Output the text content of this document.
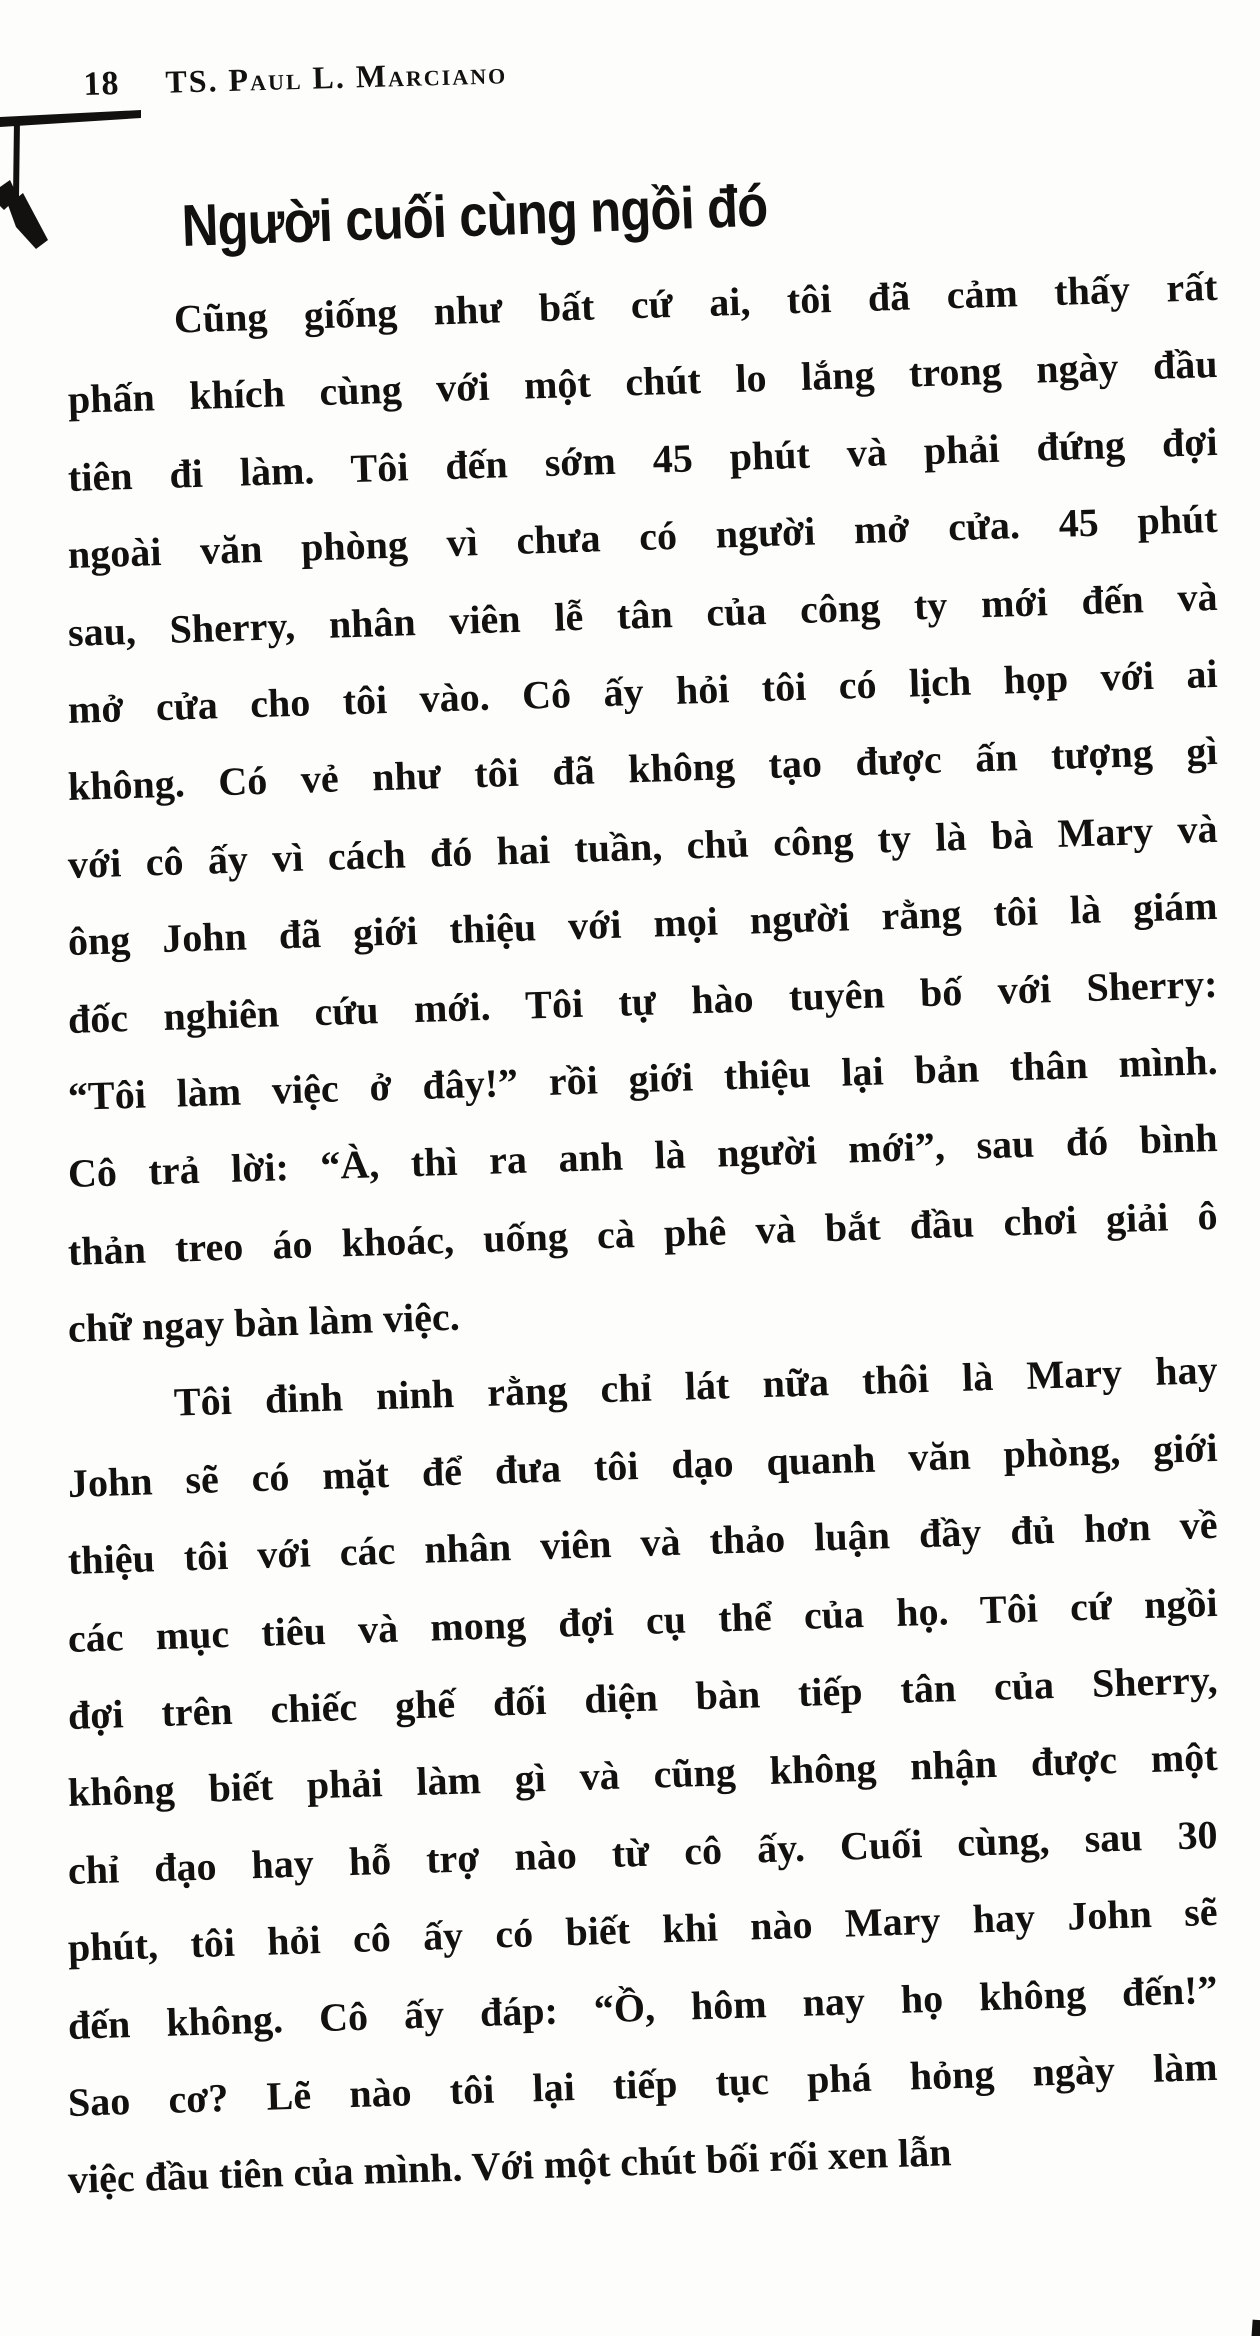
18 TS. Paul L. Marciano
Người cuối cùng ngồi đó
Cũng giống như bất cứ ai, tôi đã cảm thấy rất
phấn khích cùng với một chút lo lắng trong ngày đầu
tiên đi làm. Tôi đến sớm 45 phút và phải đứng đợi
ngoài văn phòng vì chưa có người mở cửa. 45 phút
sau, Sherry, nhân viên lễ tân của công ty mới đến và
mở cửa cho tôi vào. Cô ấy hỏi tôi có lịch họp với ai
không. Có vẻ như tôi đã không tạo được ấn tượng gì
với cô ấy vì cách đó hai tuần, chủ công ty là bà Mary và
ông John đã giới thiệu với mọi người rằng tôi là giám
đốc nghiên cứu mới. Tôi tự hào tuyên bố với Sherry:
“Tôi làm việc ở đây!” rồi giới thiệu lại bản thân mình.
Cô trả lời: “À, thì ra anh là người mới”, sau đó bình
thản treo áo khoác, uống cà phê và bắt đầu chơi giải ô
chữ ngay bàn làm việc.
Tôi đinh ninh rằng chỉ lát nữa thôi là Mary hay
John sẽ có mặt để đưa tôi dạo quanh văn phòng, giới
thiệu tôi với các nhân viên và thảo luận đầy đủ hơn về
các mục tiêu và mong đợi cụ thể của họ. Tôi cứ ngồi
đợi trên chiếc ghế đối diện bàn tiếp tân của Sherry,
không biết phải làm gì và cũng không nhận được một
chỉ đạo hay hỗ trợ nào từ cô ấy. Cuối cùng, sau 30
phút, tôi hỏi cô ấy có biết khi nào Mary hay John sẽ
đến không. Cô ấy đáp: “Ồ, hôm nay họ không đến!”
Sao cơ? Lẽ nào tôi lại tiếp tục phá hỏng ngày làm
việc đầu tiên của mình. Với một chút bối rối xen lẫn
